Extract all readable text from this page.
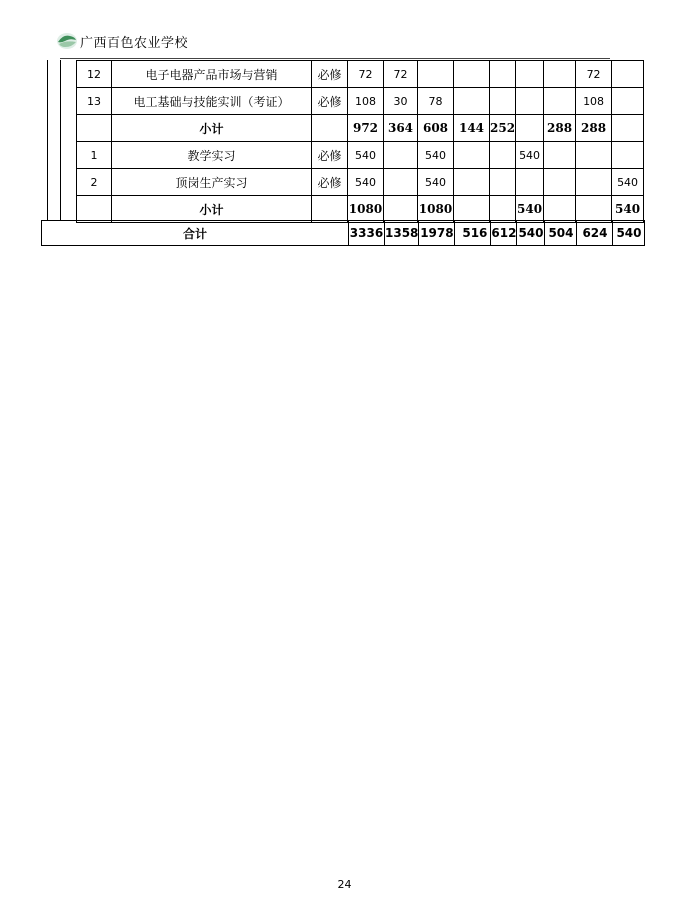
广西百色农业学校
12	电子电器产品市场与营销	必修	72	72						72	
13	电工基础与技能实训（考证）	必修	108	30	78					108	
	小计		972	364	608	144	252		288	288	
1	教学实习	必修	540		540			540			
2	顶岗生产实习	必修	540		540						540
	小计		1080		1080			540			540
合计	3336	1358	1978	516	612	540	504	624	540
24
